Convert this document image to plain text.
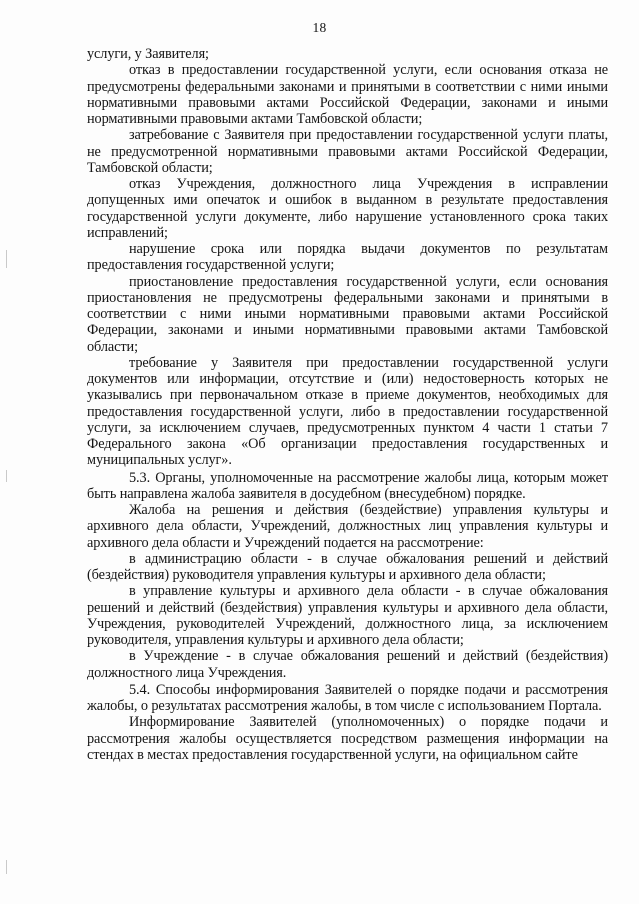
18

услуги, у Заявителя;

отказ в предоставлении государственной услуги, если основания отказа не предусмотрены федеральными законами и принятыми в соответствии с ними иными нормативными правовыми актами Российской Федерации, законами и иными нормативными правовыми актами Тамбовской области;

затребование с Заявителя при предоставлении государственной услуги платы, не предусмотренной нормативными правовыми актами Российской Федерации, Тамбовской области;

отказ Учреждения, должностного лица Учреждения в исправлении допущенных ими опечаток и ошибок в выданном в результате предоставления государственной услуги документе, либо нарушение установленного срока таких исправлений;

нарушение срока или порядка выдачи документов по результатам предоставления государственной услуги;

приостановление предоставления государственной услуги, если основания приостановления не предусмотрены федеральными законами и принятыми в соответствии с ними иными нормативными правовыми актами Российской Федерации, законами и иными нормативными правовыми актами Тамбовской области;

требование у Заявителя при предоставлении государственной услуги документов или информации, отсутствие и (или) недостоверность которых не указывались при первоначальном отказе в приеме документов, необходимых для предоставления государственной услуги, либо в предоставлении государственной услуги, за исключением случаев, предусмотренных пунктом 4 части 1 статьи 7 Федерального закона «Об организации предоставления государственных и муниципальных услуг».

5.3. Органы, уполномоченные на рассмотрение жалобы лица, которым может быть направлена жалоба заявителя в досудебном (внесудебном) порядке.

Жалоба на решения и действия (бездействие) управления культуры и архивного дела области, Учреждений, должностных лиц управления культуры и архивного дела области и Учреждений подается на рассмотрение:

в администрацию области - в случае обжалования решений и действий (бездействия) руководителя управления культуры и архивного дела области;

в управление культуры и архивного дела области - в случае обжалования решений и действий (бездействия) управления культуры и архивного дела области, Учреждения, руководителей Учреждений, должностного лица, за исключением руководителя, управления культуры и архивного дела области;

в Учреждение - в случае обжалования решений и действий (бездействия) должностного лица Учреждения.

5.4. Способы информирования Заявителей о порядке подачи и рассмотрения жалобы, о результатах рассмотрения жалобы, в том числе с использованием Портала.

Информирование Заявителей (уполномоченных) о порядке подачи и рассмотрения жалобы осуществляется посредством размещения информации на стендах в местах предоставления государственной услуги, на официальном сайте
